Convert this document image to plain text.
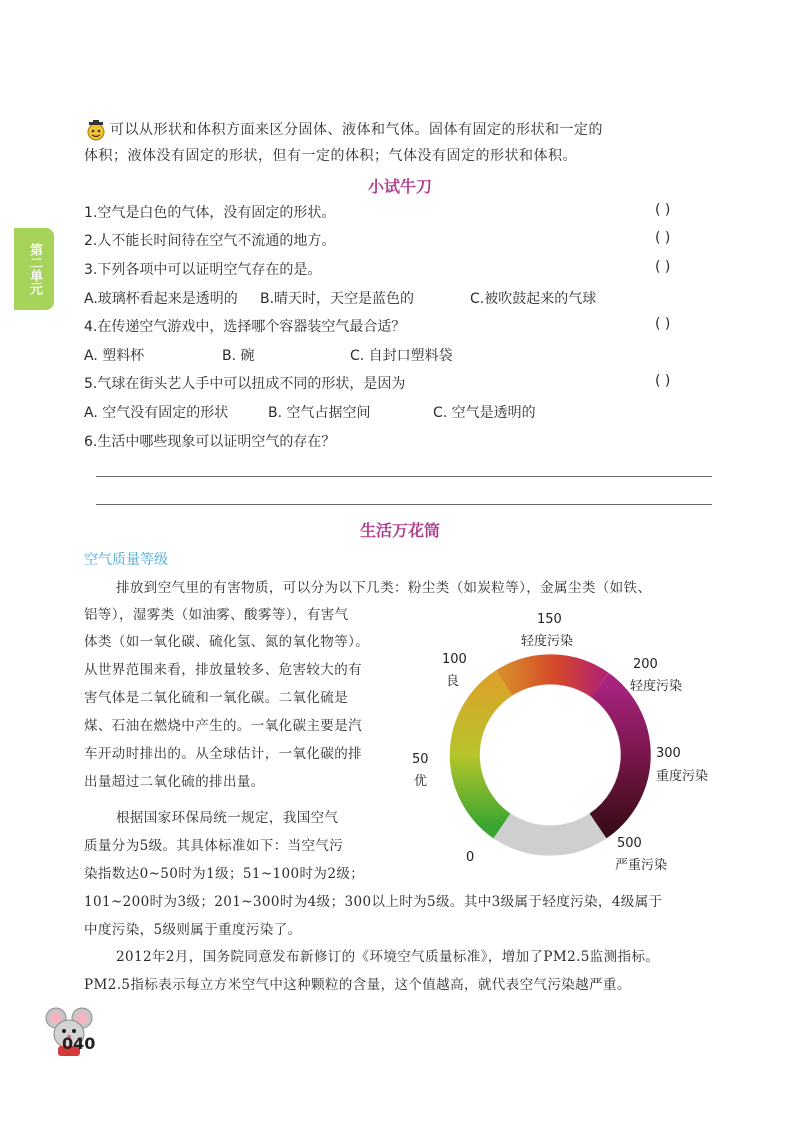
第二单元
可以从形状和体积方面来区分固体、液体和气体。固体有固定的形状和一定的
体积；液体没有固定的形状，但有一定的体积；气体没有固定的形状和体积。
小试牛刀
1.空气是白色的气体，没有固定的形状。	( )
2.人不能长时间待在空气不流通的地方。	( )
3.下列各项中可以证明空气存在的是。	( )
A.玻璃杯看起来是透明的 B.晴天时，天空是蓝色的	C.被吹鼓起来的气球
4.在传递空气游戏中，选择哪个容器装空气最合适？	( )
A. 塑料杯	B. 碗	C. 自封口塑料袋
5.气球在街头艺人手中可以扭成不同的形状，是因为	( )
A. 空气没有固定的形状	B. 空气占据空间	C. 空气是透明的
6.生活中哪些现象可以证明空气的存在？
生活万花筒
空气质量等级
排放到空气里的有害物质，可以分为以下几类：粉尘类（如炭粒等），金属尘类（如铁、
铝等），湿雾类（如油雾、酸雾等），有害气
体类（如一氧化碳、硫化氢、氮的氧化物等）。
从世界范围来看，排放量较多、危害较大的有
害气体是二氧化硫和一氧化碳。二氧化硫是
煤、石油在燃烧中产生的。一氧化碳主要是汽
车开动时排出的。从全球估计，一氧化碳的排
出量超过二氧化硫的排出量。
根据国家环保局统一规定，我国空气
质量分为5级。其具体标准如下：当空气污
染指数达0~50时为1级；51~100时为2级；
101~200时为3级；201~300时为4级；300以上时为5级。其中3级属于轻度污染，4级属于
中度污染，5级则属于重度污染了。
2012年2月，国务院同意发布新修订的《环境空气质量标准》，增加了PM2.5监测指标。
PM2.5指标表示每立方米空气中这种颗粒的含量，这个值越高，就代表空气污染越严重。
0
50
优
100
良
150
轻度污染
200
轻度污染
300
重度污染
500
严重污染
040
